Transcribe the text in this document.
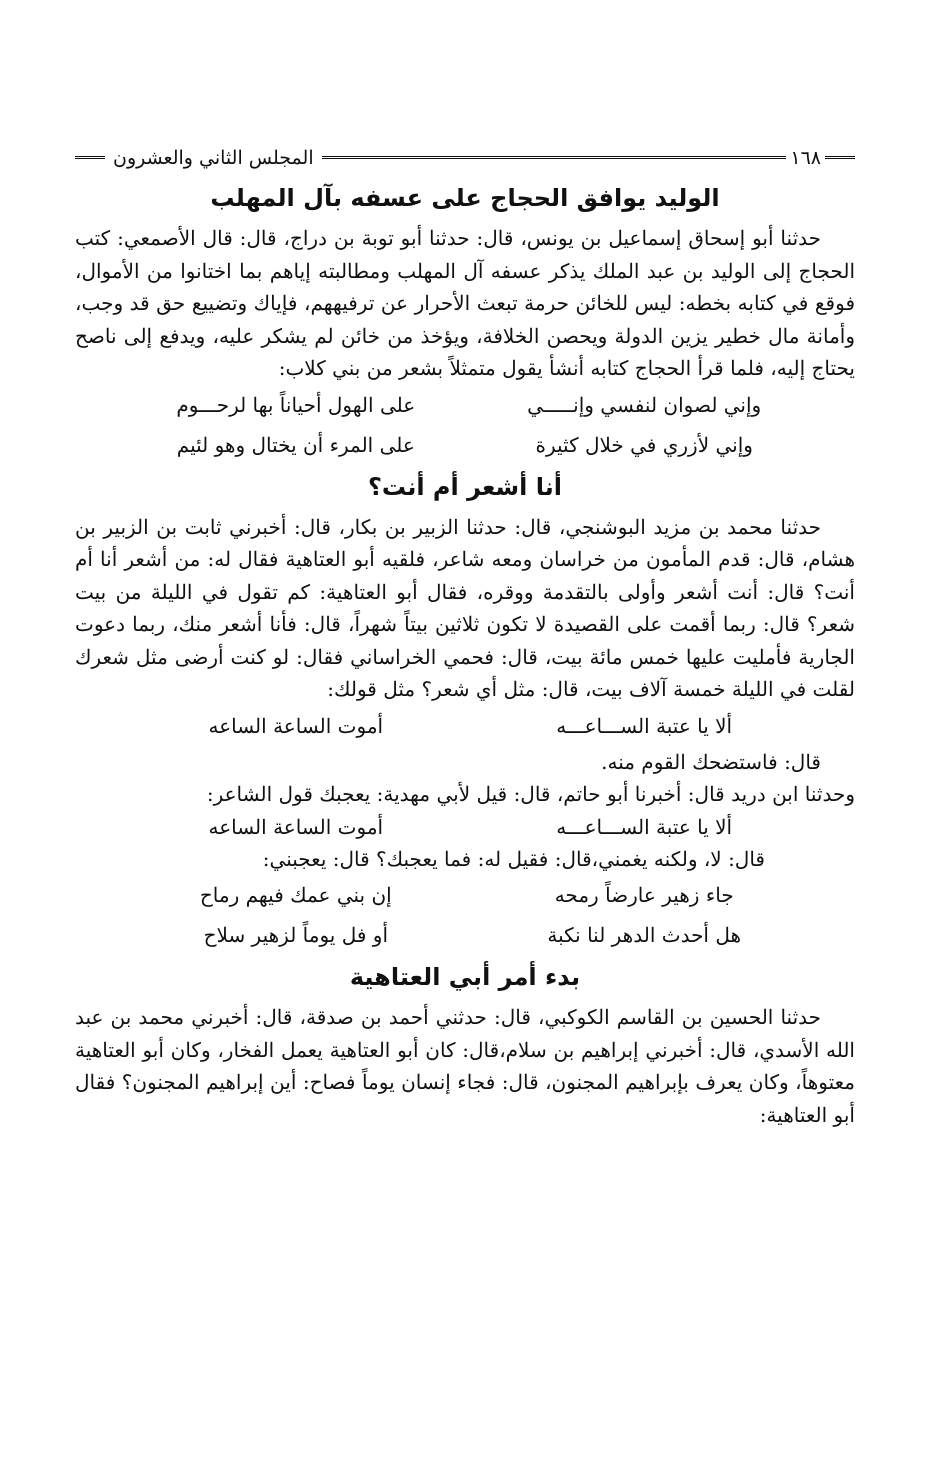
١٦٨
المجلس الثاني والعشرون
الوليد يوافق الحجاج على عسفه بآل المهلب

حدثنا أبو إسحاق إسماعيل بن يونس، قال: حدثنا أبو توبة بن دراج، قال: قال الأصمعي: كتب الحجاج إلى الوليد بن عبد الملك يذكر عسفه آل المهلب ومطالبته إياهم بما اختانوا من الأموال، فوقع في كتابه بخطه: ليس للخائن حرمة تبعث الأحرار عن ترفيههم، فإياك وتضييع حق قد وجب، وأمانة مال خطير يزين الدولة ويحصن الخلافة، ويؤخذ من خائن لم يشكر عليه، ويدفع إلى ناصح يحتاج إليه، فلما قرأ الحجاج كتابه أنشأ يقول متمثلاً بشعر من بني كلاب:

وإني لصوان لنفسي وإنـــــي
على الهول أحياناً بها لرحـــوم
وإني لأزري في خلال كثيرة
على المرء أن يختال وهو لئيم
أنا أشعر أم أنت؟

حدثنا محمد بن مزيد البوشنجي، قال: حدثنا الزبير بن بكار، قال: أخبرني ثابت بن الزبير بن هشام، قال: قدم المأمون من خراسان ومعه شاعر، فلقيه أبو العتاهية فقال له: من أشعر أنا أم أنت؟ قال: أنت أشعر وأولى بالتقدمة ووقره، فقال أبو العتاهية: كم تقول في الليلة من بيت شعر؟ قال: ربما أقمت على القصيدة لا تكون ثلاثين بيتاً شهراً، قال: فأنا أشعر منك، ربما دعوت الجارية فأمليت عليها خمس مائة بيت، قال: فحمي الخراساني فقال: لو كنت أرضى مثل شعرك لقلت في الليلة خمسة آلاف بيت، قال: مثل أي شعر؟ مثل قولك:

ألا يا عتبة الســـاعـــه
أموت الساعة الساعه

قال: فاستضحك القوم منه.

وحدثنا ابن دريد قال: أخبرنا أبو حاتم، قال: قيل لأبي مهدية: يعجبك قول الشاعر:

ألا يا عتبة الســـاعـــه
أموت الساعة الساعه

قال: لا، ولكنه يغمني،قال: فقيل له: فما يعجبك؟ قال: يعجبني:

جاء زهير عارضاً رمحه
إن بني عمك فيهم رماح
هل أحدث الدهر لنا نكبة
أو فل يوماً لزهير سلاح
بدء أمر أبي العتاهية

حدثنا الحسين بن القاسم الكوكبي، قال: حدثني أحمد بن صدقة، قال: أخبرني محمد بن عبد الله الأسدي، قال: أخبرني إبراهيم بن سلام،قال: كان أبو العتاهية يعمل الفخار، وكان أبو العتاهية معتوهاً، وكان يعرف بإبراهيم المجنون، قال: فجاء إنسان يوماً فصاح: أين إبراهيم المجنون؟ فقال أبو العتاهية:
